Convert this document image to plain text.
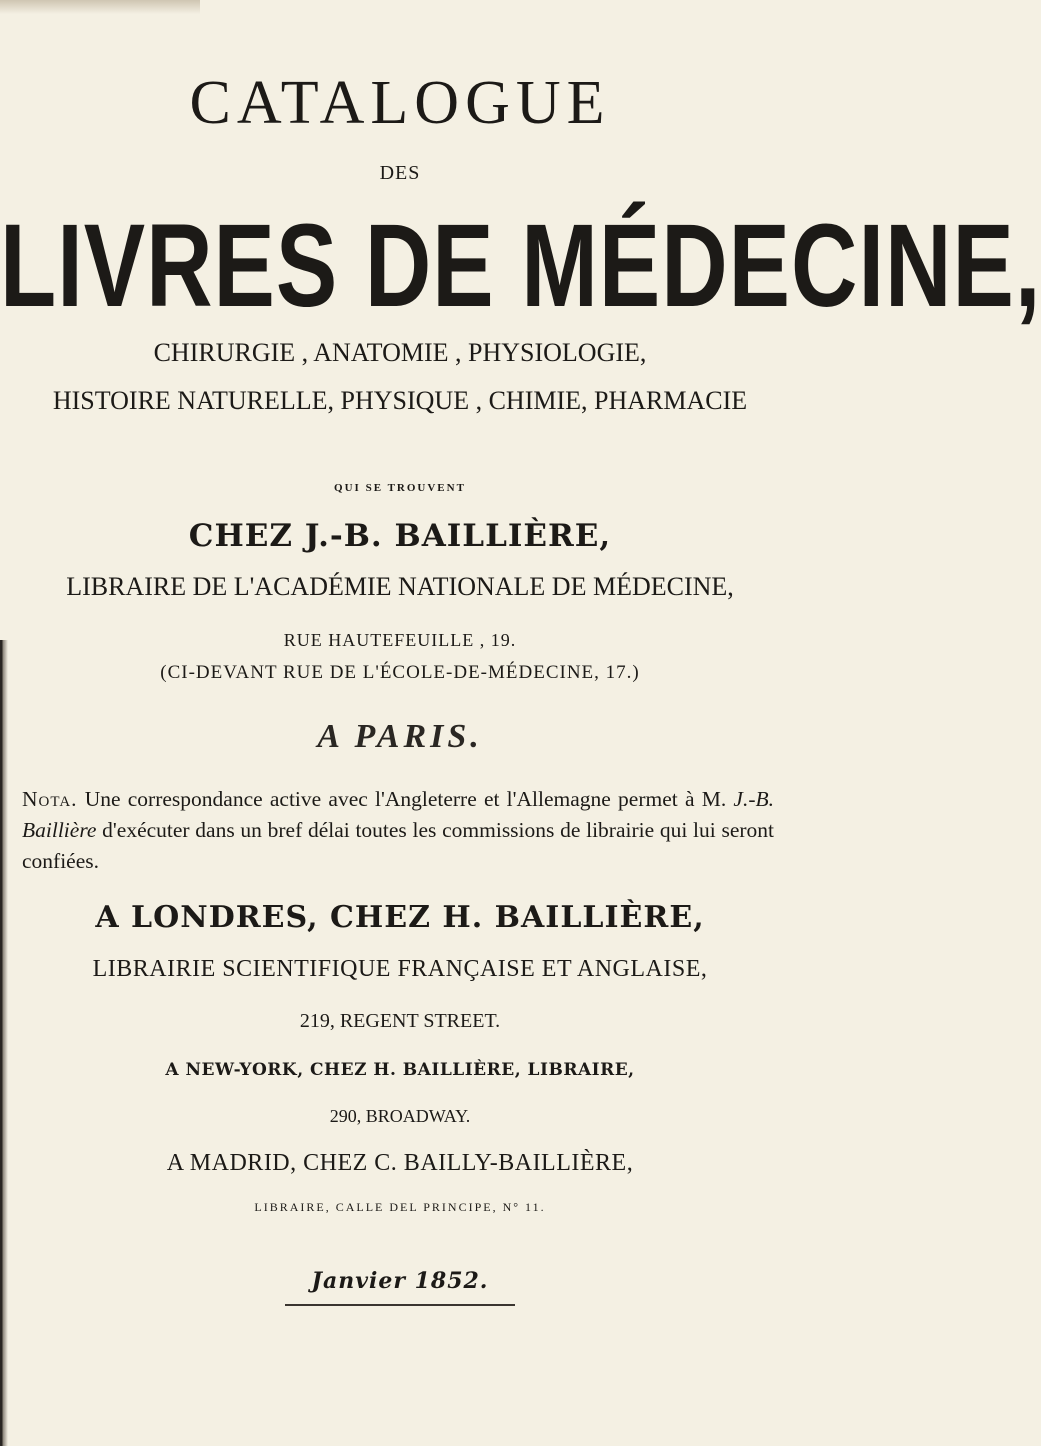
CATALOGUE
DES
LIVRES DE MÉDECINE,
CHIRURGIE , ANATOMIE , PHYSIOLOGIE,
HISTOIRE NATURELLE, PHYSIQUE , CHIMIE, PHARMACIE
QUI SE TROUVENT
CHEZ J.-B. BAILLIÈRE,
LIBRAIRE DE L'ACADÉMIE NATIONALE DE MÉDECINE,
RUE HAUTEFEUILLE , 19.
(CI-DEVANT RUE DE L'ÉCOLE-DE-MÉDECINE, 17.)
A PARIS.
Nota. Une correspondance active avec l'Angleterre et l'Allemagne permet à M. J.-B. Baillière d'exécuter dans un bref délai toutes les commissions de librairie qui lui seront confiées.
A LONDRES, CHEZ H. BAILLIÈRE,
LIBRAIRIE SCIENTIFIQUE FRANÇAISE ET ANGLAISE,
219, REGENT STREET.
A NEW-YORK, CHEZ H. BAILLIÈRE, LIBRAIRE,
290, BROADWAY.
A MADRID, CHEZ C. BAILLY-BAILLIÈRE,
LIBRAIRE, CALLE DEL PRINCIPE, N° 11.
Janvier 1852.
